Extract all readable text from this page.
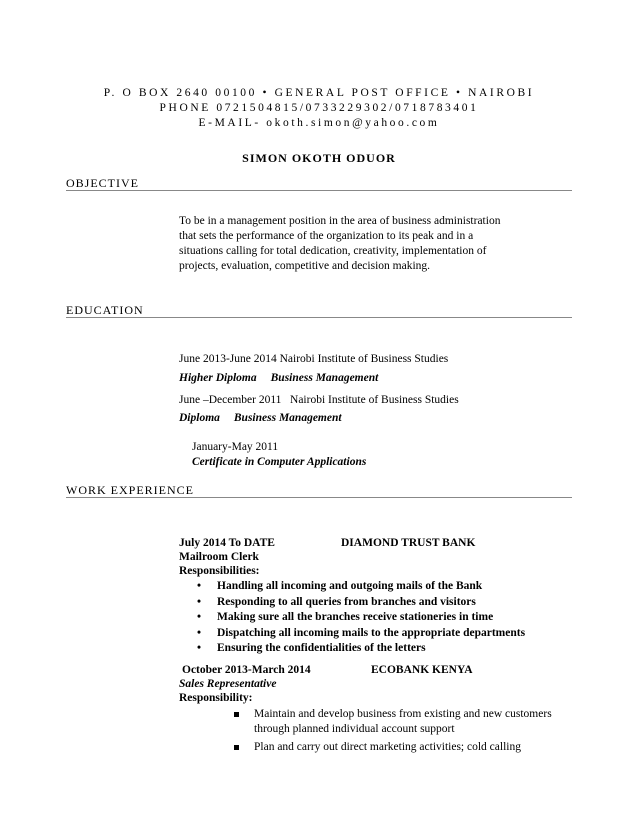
P. O BOX 2640 00100 • GENERAL POST OFFICE • NAIROBI
PHONE 0721504815/0733229302/0718783401
E-MAIL- okoth.simon@yahoo.com
SIMON OKOTH ODUOR
OBJECTIVE
To be in a management position in the area of business administration
that sets the performance of the organization to its peak and in a
situations calling for total dedication, creativity, implementation of
projects, evaluation, competitive and decision making.
EDUCATION
June 2013-June 2014 Nairobi Institute of Business Studies
Higher Diploma Business Management
June –December 2011   Nairobi Institute of Business Studies
Diploma Business Management
January-May 2011
Certificate in Computer Applications
WORK EXPERIENCE
July 2014 To DATE	DIAMOND TRUST BANK
Mailroom Clerk
Responsibilities:
• Handling all incoming and outgoing mails of the Bank
• Responding to all queries from branches and visitors
• Making sure all the branches receive stationeries in time
• Dispatching all incoming mails to the appropriate departments
• Ensuring the confidentialities of the letters
October 2013-March 2014	ECOBANK KENYA
Sales Representative
Responsibility:
Maintain and develop business from existing and new customers
through planned individual account support
Plan and carry out direct marketing activities; cold calling
